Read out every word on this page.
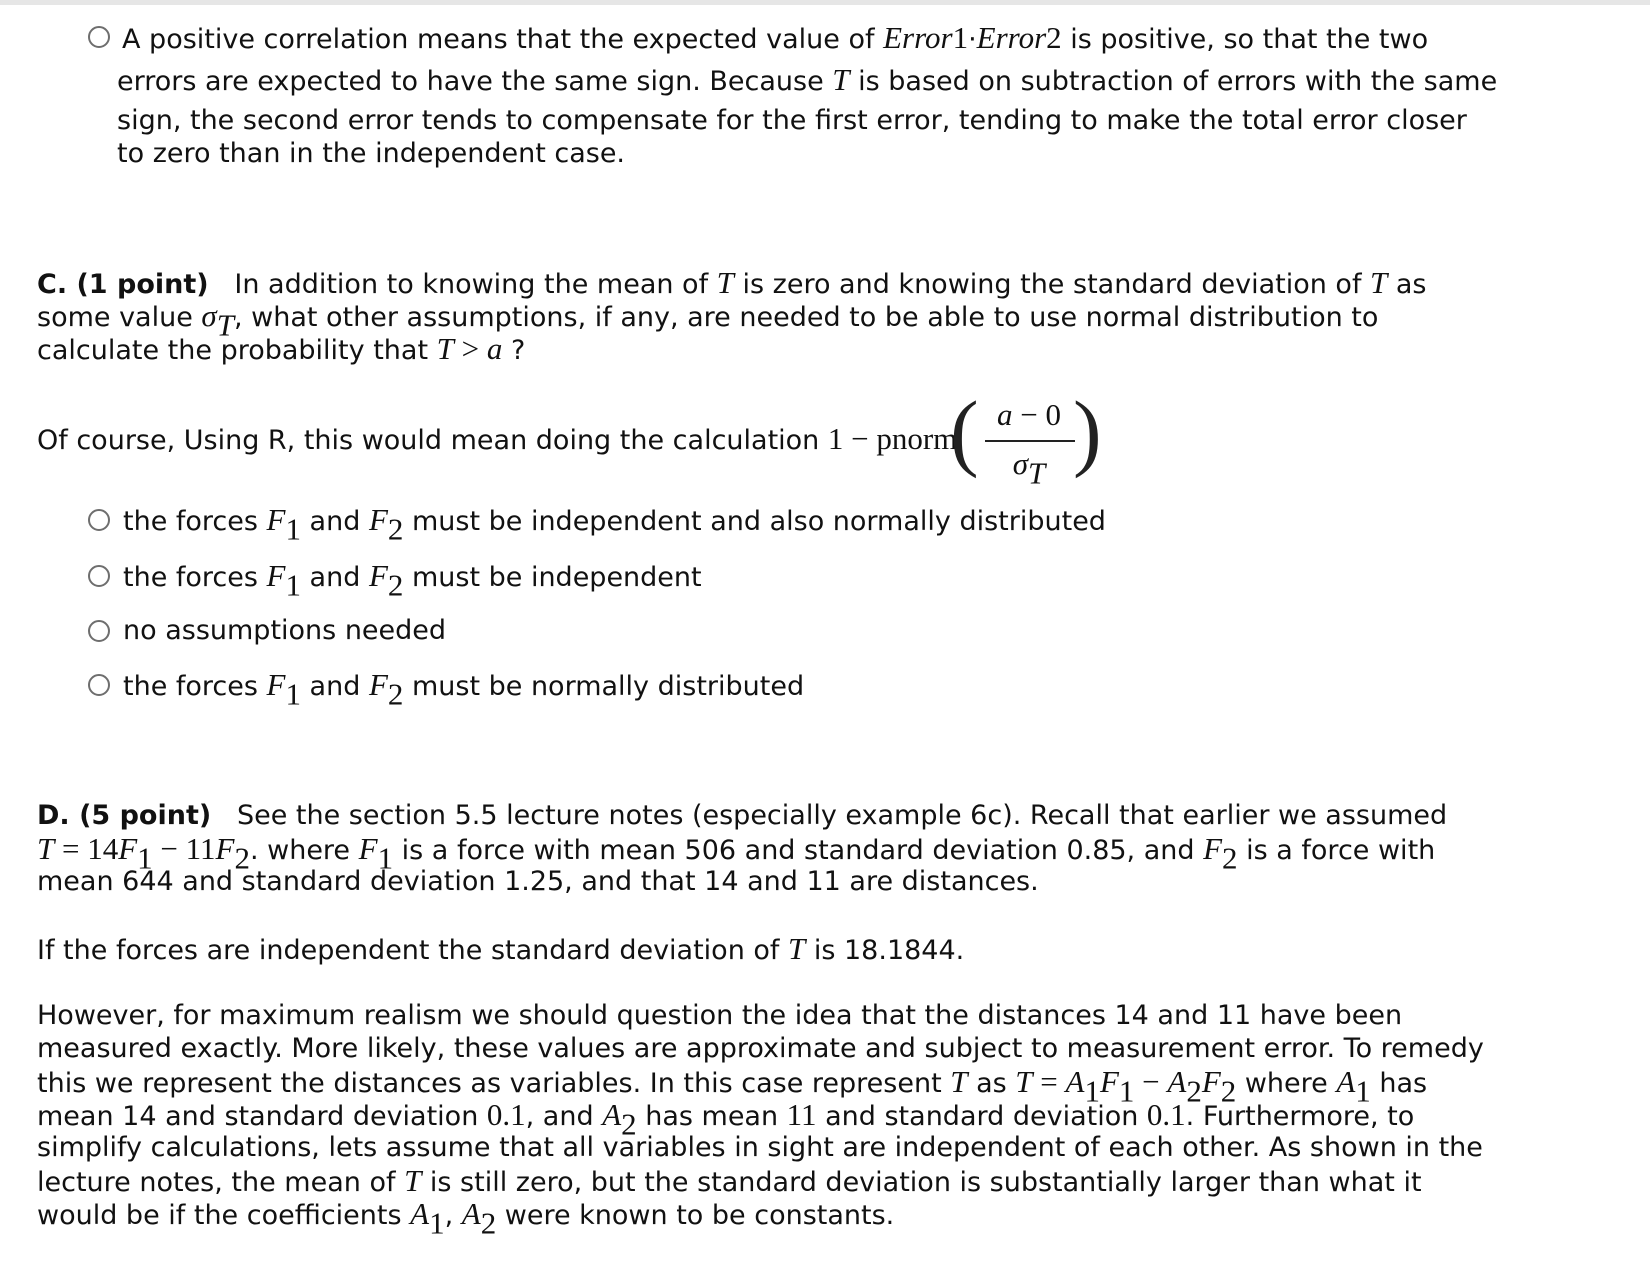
A positive correlation means that the expected value of Error1·Error2 is positive, so that the two
errors are expected to have the same sign. Because T is based on subtraction of errors with the same
sign, the second error tends to compensate for the first error, tending to make the total error closer
to zero than in the independent case.
C. (1 point) In addition to knowing the mean of T is zero and knowing the standard deviation of T as
some value $\sigma_T$, what other assumptions, if any, are needed to be able to use normal distribution to
calculate the probability that T > a ?
Of course, Using R, this would mean doing the calculation 1 − pnorm
( a − 0
$\sigma_T$ )
the forces $F_1$ and $F_2$ must be independent and also normally distributed
the forces $F_1$ and $F_2$ must be independent
no assumptions needed
the forces $F_1$ and $F_2$ must be normally distributed
D. (5 point) See the section 5.5 lecture notes (especially example 6c). Recall that earlier we assumed
$T = 14F_1 - 11F_2$. where $F_1$ is a force with mean 506 and standard deviation 0.85, and $F_2$ is a force with
mean 644 and standard deviation 1.25, and that 14 and 11 are distances.
If the forces are independent the standard deviation of T is 18.1844.
However, for maximum realism we should question the idea that the distances 14 and 11 have been
measured exactly. More likely, these values are approximate and subject to measurement error. To remedy
this we represent the distances as variables. In this case represent T as $T = A_1F_1 - A_2F_2$ where $A_1$ has
mean 14 and standard deviation 0.1, and $A_2$ has mean 11 and standard deviation 0.1. Furthermore, to
simplify calculations, lets assume that all variables in sight are independent of each other. As shown in the
lecture notes, the mean of T is still zero, but the standard deviation is substantially larger than what it
would be if the coefficients $A_1$, $A_2$ were known to be constants.
